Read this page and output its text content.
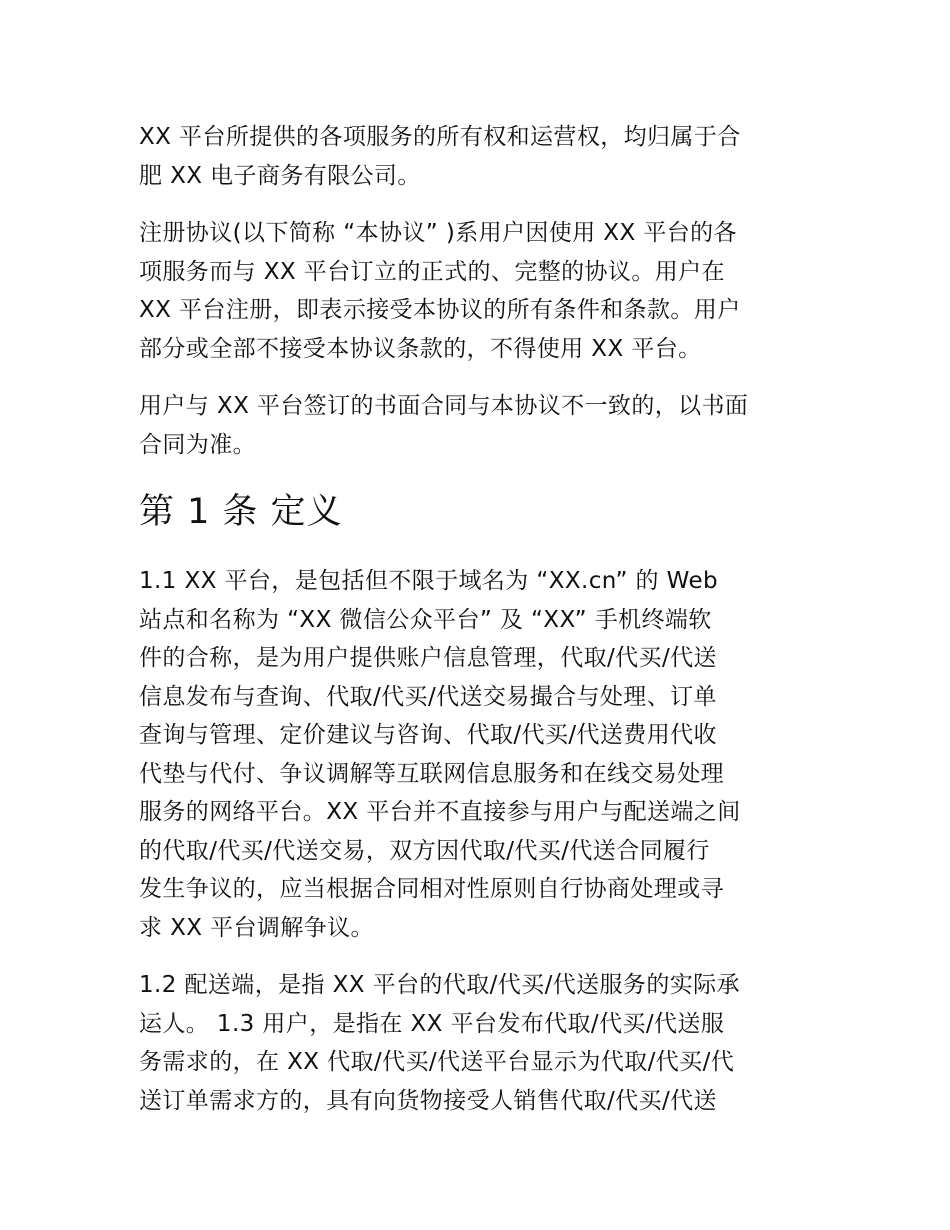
XX 平台所提供的各项服务的所有权和运营权，均归属于合
肥 XX 电子商务有限公司。

注册协议(以下简称 “本协议” )系用户因使用 XX 平台的各
项服务而与 XX 平台订立的正式的、完整的协议。用户在
XX 平台注册，即表示接受本协议的所有条件和条款。用户
部分或全部不接受本协议条款的，不得使用 XX 平台。

用户与 XX 平台签订的书面合同与本协议不一致的，以书面
合同为准。

第 1 条 定义

1.1 XX 平台，是包括但不限于域名为 “XX.cn” 的 Web
站点和名称为 “XX 微信公众平台” 及 “XX” 手机终端软
件的合称，是为用户提供账户信息管理，代取/代买/代送
信息发布与查询、代取/代买/代送交易撮合与处理、订单
查询与管理、定价建议与咨询、代取/代买/代送费用代收
代垫与代付、争议调解等互联网信息服务和在线交易处理
服务的网络平台。XX 平台并不直接参与用户与配送端之间
的代取/代买/代送交易，双方因代取/代买/代送合同履行
发生争议的，应当根据合同相对性原则自行协商处理或寻
求 XX 平台调解争议。

1.2 配送端，是指 XX 平台的代取/代买/代送服务的实际承
运人。 1.3 用户，是指在 XX 平台发布代取/代买/代送服
务需求的，在 XX 代取/代买/代送平台显示为代取/代买/代
送订单需求方的，具有向货物接受人销售代取/代买/代送
